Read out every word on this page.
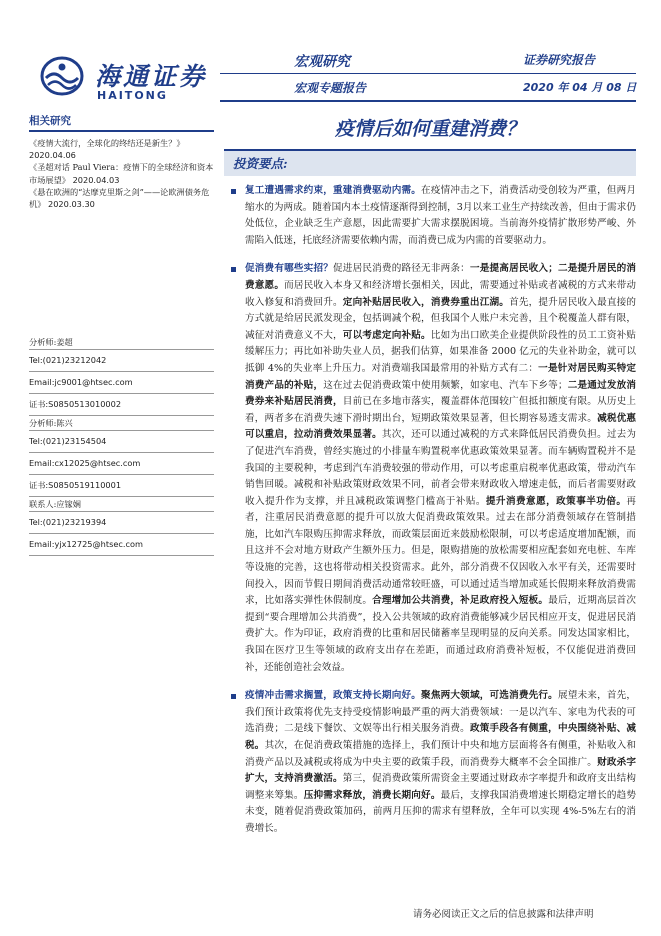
海通证券
HAITONG
宏观研究
宏观专题报告
证券研究报告
2020 年 04 月 08 日
相关研究
《疫情大流行，全球化的终结还是新生？》 2020.04.06
《圣超对话 Paul Viera：疫情下的全球经济和资本市场展望》 2020.04.03
《悬在欧洲的“达摩克里斯之剑”——论欧洲债务危机》 2020.03.30
分析师:姜超
Tel:(021)23212042
Email:jc9001@htsec.com
证书:S0850513010002
分析师:陈兴
Tel:(021)23154504
Email:cx12025@htsec.com
证书:S0850519110001
联系人:应镓娴
Tel:(021)23219394
Email:yjx12725@htsec.com
疫情后如何重建消费？
投资要点:
复工遭遇需求约束，重建消费驱动内需。在疫情冲击之下，消费活动受创较为严重，但两月缩水的为两成。随着国内本土疫情逐渐得到控制，3月以来工业生产持续改善，但由于需求仍处低位，企业缺乏生产意愿，因此需要扩大需求摆脱困境。当前海外疫情扩散形势严峻、外需陷入低迷，托底经济需要依赖内需，而消费已成为内需的首要驱动力。
促消费有哪些实招？促进居民消费的路径无非两条：一是提高居民收入；二是提升居民的消费意愿。而居民收入本身又和经济增长强相关，因此，需要通过补贴或者减税的方式来带动收入修复和消费回升。定向补贴居民收入，消费券重出江湖。首先，提升居民收入最直接的方式就是给居民派发现金，包括调减个税，但我国个人账户未完善，且个税覆盖人群有限，减征对消费意义不大，可以考虑定向补贴。比如为出口欧美企业提供阶段性的员工工资补贴缓解压力；再比如补助失业人员，据我们估算，如果准备 2000 亿元的失业补助金，就可以抵御 4%的失业率上升压力。对消费端我国最常用的补贴方式有二：一是针对居民购买特定消费产品的补贴，这在过去促消费政策中使用频繁，如家电、汽车下乡等；二是通过发放消费券来补贴居民消费，目前已在多地市落实，覆盖群体范围较广但抵扣额度有限。从历史上看，两者多在消费失速下滑时期出台，短期政策效果显著，但长期容易透支需求。减税优惠可以重启，拉动消费效果显著。其次，还可以通过减税的方式来降低居民消费负担。过去为了促进汽车消费，曾经实施过的小排量车购置税率优惠政策效果显著。而车辆购置税并不是我国的主要税种，考虑到汽车消费较强的带动作用，可以考虑重启税率优惠政策，带动汽车销售回暖。减税和补贴政策财政效果不同，前者会带来财政收入增速走低，而后者需要财政收入提升作为支撑，并且减税政策调整门槛高于补贴。提升消费意愿，政策事半功倍。再者，注重居民消费意愿的提升可以放大促消费政策效果。过去在部分消费领域存在管制措施，比如汽车限购压抑需求释放，而政策层面近来鼓励松限制，可以考虑适度增加配额，而且这并不会对地方财政产生额外压力。但是，限购措施的放松需要相应配套如充电桩、车库等设施的完善，这也将带动相关投资需求。此外，部分消费不仅因收入水平有关，还需要时间投入，因而节假日期间消费活动通常较旺盛，可以通过适当增加或延长假期来释放消费需求，比如落实弹性休假制度。合理增加公共消费，补足政府投入短板。最后，近期高层首次提到“要合理增加公共消费”，投入公共领域的政府消费能够减少居民相应开支，促进居民消费扩大。作为印证，政府消费的比重和居民储蓄率呈现明显的反向关系。同发达国家相比，我国在医疗卫生等领域的政府支出存在差距，而通过政府消费补短板，不仅能促进消费回补，还能创造社会效益。
疫情冲击需求搁置，政策支持长期向好。聚焦两大领域，可选消费先行。展望未来，首先，我们预计政策将优先支持受疫情影响最严重的两大消费领域：一是以汽车、家电为代表的可选消费；二是线下餐饮、文娱等出行相关服务消费。政策手段各有侧重，中央围绕补贴、减税。其次，在促消费政策措施的选择上，我们预计中央和地方层面将各有侧重，补贴收入和消费产品以及减税或将成为中央主要的政策手段，而消费券大概率不会全国推广。财政杀字扩大，支持消费激活。第三，促消费政策所需资金主要通过财政赤字率提升和政府支出结构调整来筹集。压抑需求释放，消费长期向好。最后，支撑我国消费增速长期稳定增长的趋势未变，随着促消费政策加码，前两月压抑的需求有望释放，全年可以实现 4%-5%左右的消费增长。
请务必阅读正文之后的信息披露和法律声明
